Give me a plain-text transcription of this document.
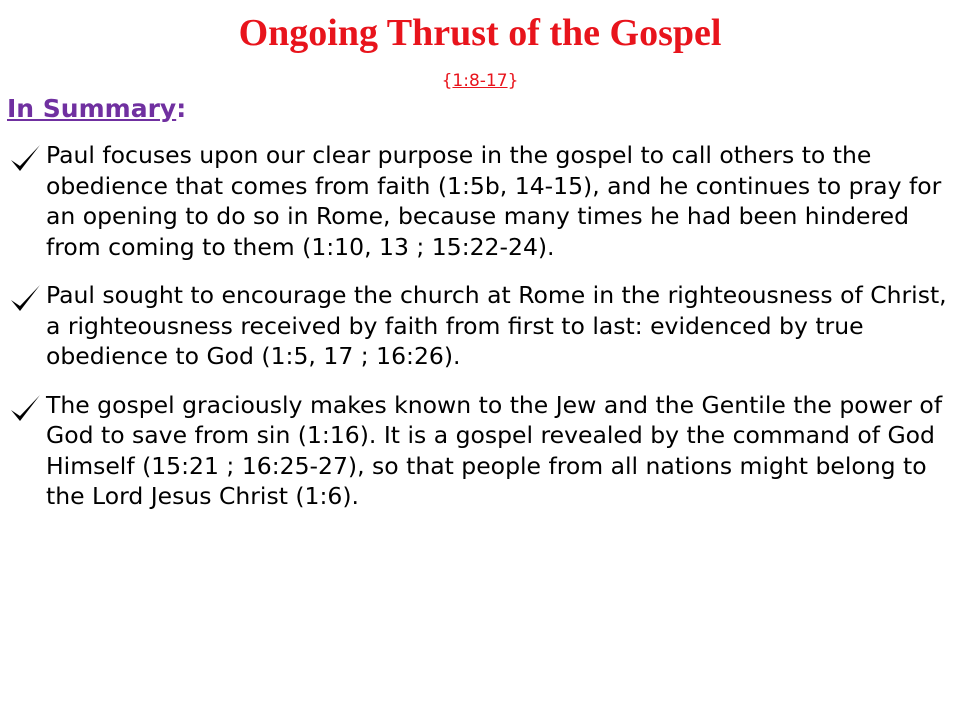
Ongoing Thrust of the Gospel
{1:8-17}
In Summary:
Paul focuses upon our clear purpose in the gospel to call others to the obedience that comes from faith (1:5b, 14-15), and he continues to pray for an opening to do so in Rome, because many times he had been hindered from coming to them (1:10, 13 ; 15:22-24).
Paul sought to encourage the church at Rome in the righteousness of Christ, a righteousness received by faith from first to last: evidenced by true obedience to God (1:5, 17 ; 16:26).
The gospel graciously makes known to the Jew and the Gentile the power of God to save from sin (1:16). It is a gospel revealed by the command of God Himself (15:21 ; 16:25-27), so that people from all nations might belong to the Lord Jesus Christ (1:6).
